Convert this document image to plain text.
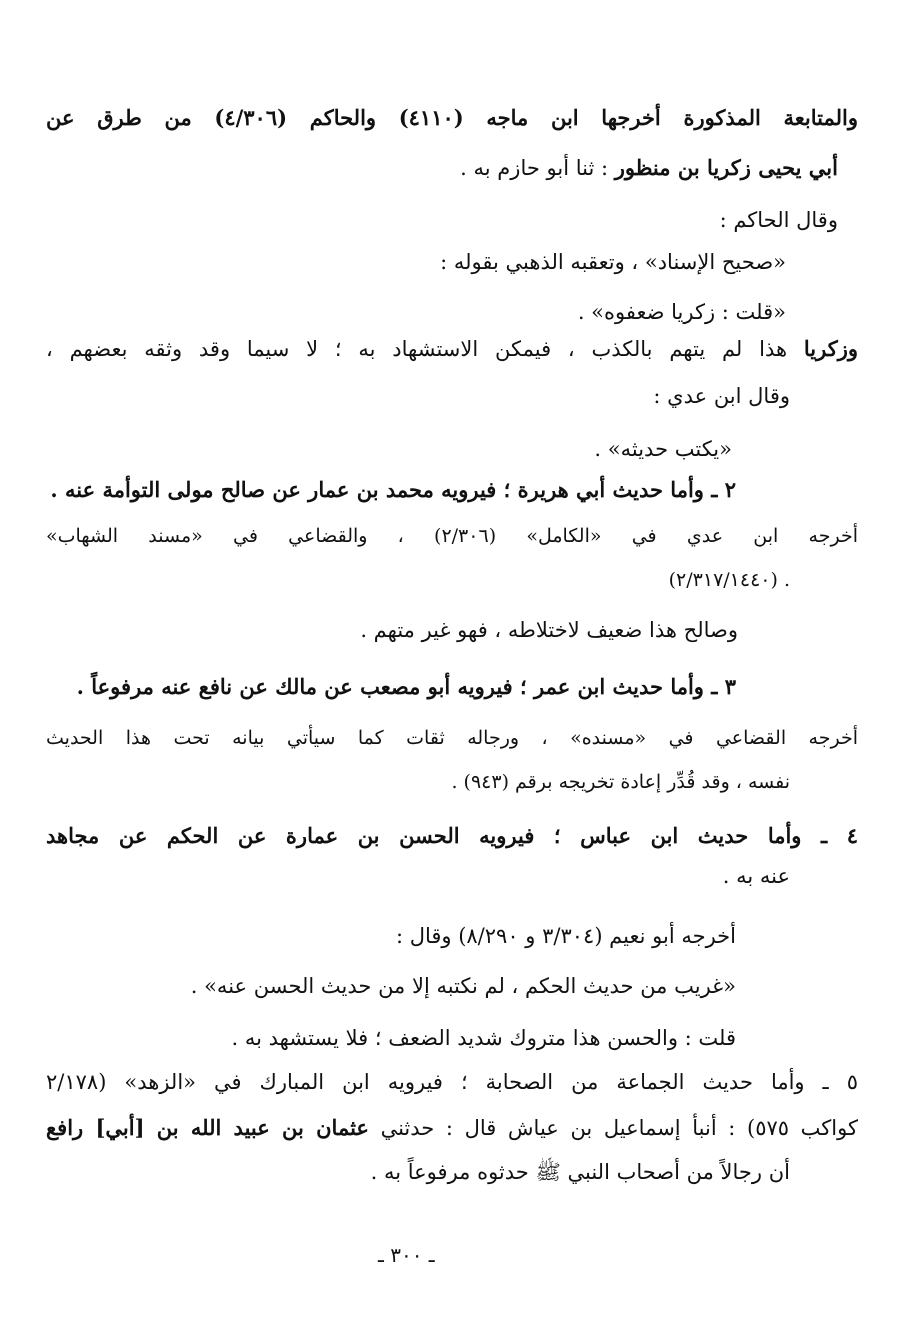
والمتابعة المذكورة أخرجها ابن ماجه (٤١١٠) والحاكم (٤/٣٠٦) من طرق عن

أبي يحيى زكريا بن منظور : ثنا أبو حازم به .

وقال الحاكم :

«صحيح الإسناد» ، وتعقبه الذهبي بقوله :

«قلت : زكريا ضعفوه» .

وزكريا هذا لم يتهم بالكذب ، فيمكن الاستشهاد به ؛ لا سيما وقد وثقه بعضهم ،

وقال ابن عدي :

«يكتب حديثه» .

٢ ـ وأما حديث أبي هريرة ؛ فيرويه محمد بن عمار عن صالح مولى التوأمة عنه .

أخرجه ابن عدي في «الكامل» (٢/٣٠٦) ، والقضاعي في «مسند الشهاب»

(٢/٣١٧/١٤٤٠) .

وصالح هذا ضعيف لاختلاطه ، فهو غير متهم .

٣ ـ وأما حديث ابن عمر ؛ فيرويه أبو مصعب عن مالك عن نافع عنه مرفوعاً .

أخرجه القضاعي في «مسنده» ، ورجاله ثقات كما سيأتي بيانه تحت هذا الحديث

نفسه ، وقد قُدِّر إعادة تخريجه برقم (٩٤٣) .

٤ ـ وأما حديث ابن عباس ؛ فيرويه الحسن بن عمارة عن الحكم عن مجاهد

عنه به .

أخرجه أبو نعيم (٣/٣٠٤ و ٨/٢٩٠) وقال :

«غريب من حديث الحكم ، لم نكتبه إلا من حديث الحسن عنه» .

قلت : والحسن هذا متروك شديد الضعف ؛ فلا يستشهد به .

٥ ـ وأما حديث الجماعة من الصحابة ؛ فيرويه ابن المبارك في «الزهد» (٢/١٧٨

كواكب ٥٧٥) : أنبأ إسماعيل بن عياش قال : حدثني عثمان بن عبيد الله بن [أبي] رافع

أن رجالاً من أصحاب النبي ﷺ حدثوه مرفوعاً به .

ـ ٣٠٠ ـ
